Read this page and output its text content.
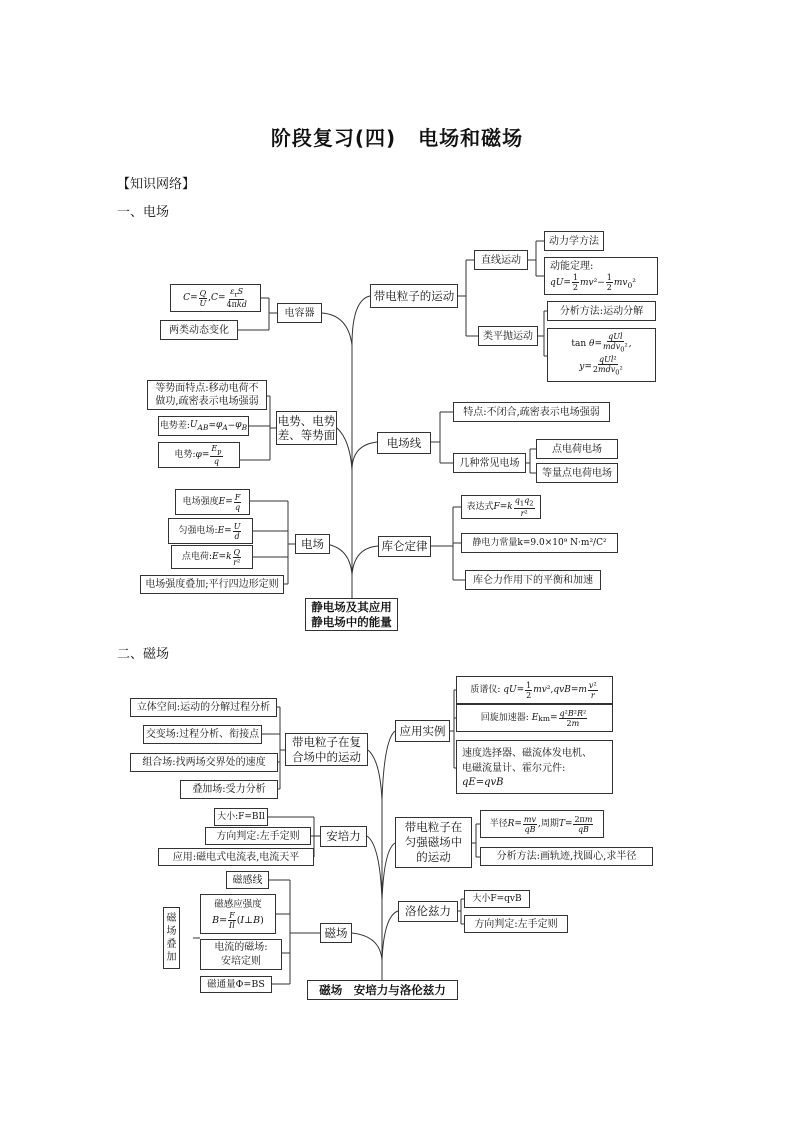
阶段复习(四) 电场和磁场
【知识网络】
一、电场
二、磁场
静电场及其应用
静电场中的能量
带电粒子的运动
直线运动
动力学方法
动能定理:
$qU= \frac{1}{2} mv^2- \frac{1}{2} mv_0^2$
类平抛运动
分析方法:运动分解
$\tan \theta= \frac{\text{qUl}}{mdv_0^2}$ ,
$y= \frac{\text{qUl²}}{2mdv_0^2}$
电容器
$C = \frac{Q}{U}$ , $C = \frac{\varepsilon_rS}{\text{4πkd}}$
两类动态变化
电势、电势
差、等势面
等势面特点:移动电荷不
做功,疏密表示电场强弱
电势差: $U_{AB} = \varphi_A - \varphi_B$
电势: $\varphi = \frac{E_p}{q}$
电场线
特点:不闭合,疏密表示电场强弱
几种常见电场
点电荷电场
等量点电荷电场
电场
电场强度 $E = \frac{F}{q}$
匀强电场: $E = \frac{U}{d}$
点电荷: E = k $\frac{Q}{\text{r²}}$
电场强度叠加;平行四边形定则
库仑定律
表达式 F = k $\frac{q_1q_2}{\text{r²}}$
静电力常量k=9.0×10⁹ N·m²/C²
库仑力作用下的平衡和加速
磁场　安培力与洛伦兹力
带电粒子在复
合场中的运动
立体空间:运动的分解过程分析
交变场:过程分析、衔接点
组合场:找两场交界处的速度
叠加场:受力分析
应用实例
质谱仪:
qU = $\frac{1}{2}$ mv ², qvB = m $\frac{\text{v²}}{r}$
回旋加速器:
E km = $\frac{\text{q²B²R²}}{2m}$
速度选择器、磁流体发电机、
电磁流量计、霍尔元件:
qE=qvB
安培力
大小:F=BIl
方向判定:左手定则
应用:磁电式电流表,电流天平
带电粒子在
匀强磁场中
的运动
半径 $R = \frac{mv}{qB}$ , 周期 $T = \frac{2\pi m}{qB}$
分析方法:画轨迹,找圆心,求半径
洛伦兹力
大小F=qvB
方向判定:左手定则
磁场
磁感线
磁感应强度
$B= \frac{F}{Il}$ (I⊥B)
电流的磁场:
安培定则
磁通量Φ=BS
磁
场
叠
加
